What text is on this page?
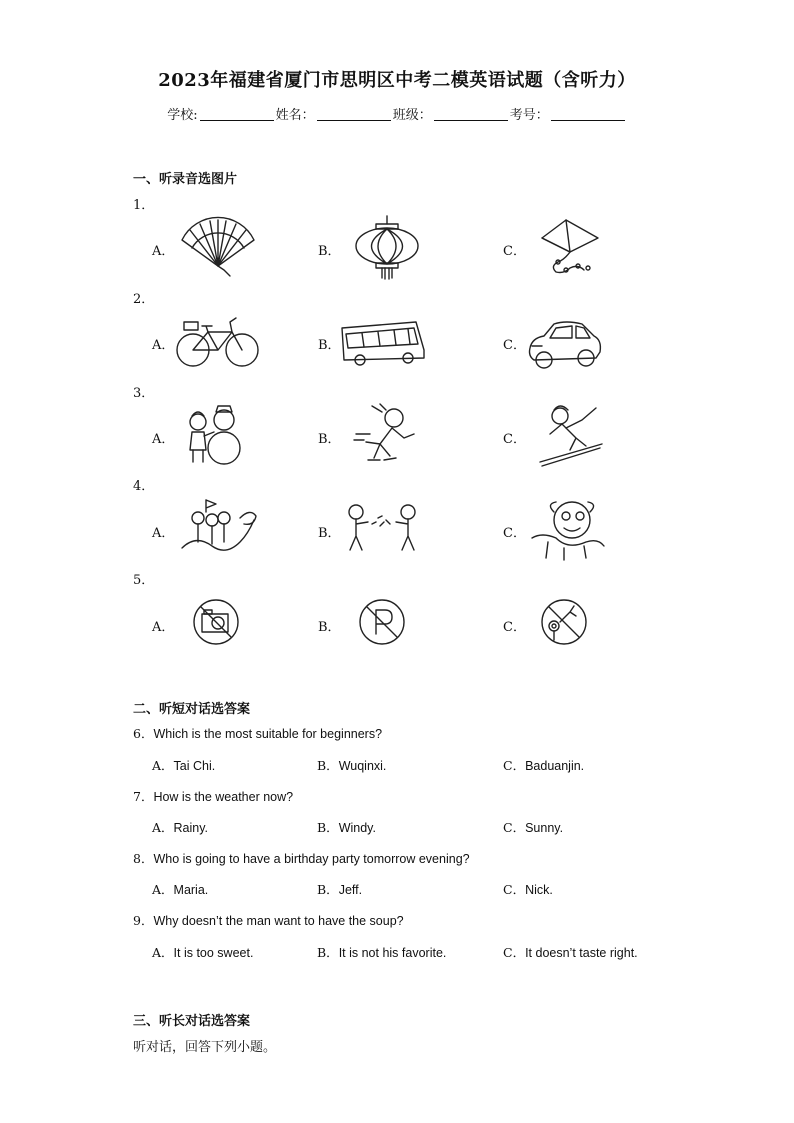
2023年福建省厦门市思明区中考二模英语试题（含听力）
学校:	姓名：	班级：	考号：
一、听录音选图片
1．
A．	B．	C．
2．
A．	B．	C．
3．
A．	B．	C．
4．
A．	B．	C．
5．
A．	B．	C．
二、听短对话选答案
6．Which is the most suitable for beginners?
A．Tai Chi.	B．Wuqinxi.	C．Baduanjin.
7．How is the weather now?
A．Rainy.	B．Windy.	C．Sunny.
8．Who is going to have a birthday party tomorrow evening?
A．Maria.	B．Jeff.	C．Nick.
9．Why doesn’t the man want to have the soup?
A．It is too sweet.	B．It is not his favorite.	C．It doesn’t taste right.
三、听长对话选答案
听对话，回答下列小题。
